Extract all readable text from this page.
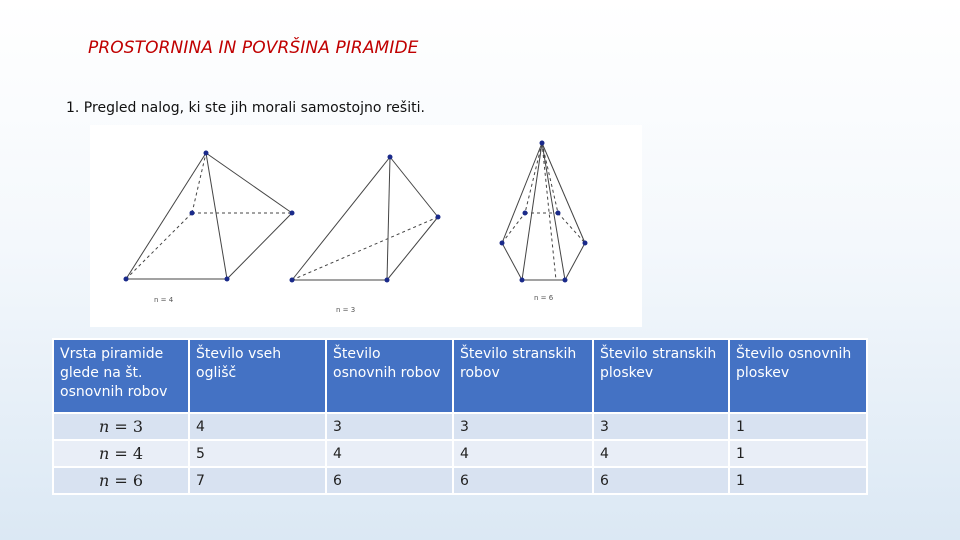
PROSTORNINA IN POVRŠINA PIRAMIDE
1. Pregled nalog, ki ste jih morali samostojno rešiti.
n = 4
n = 3
n = 6
Vrsta piramide glede na št. osnovnih robov	Število vseh oglišč	Število osnovnih robov	Število stranskih robov	Število stranskih ploskev	Število osnovnih ploskev
n = 3	4	3	3	3	1
n = 4	5	4	4	4	1
n = 6	7	6	6	6	1
